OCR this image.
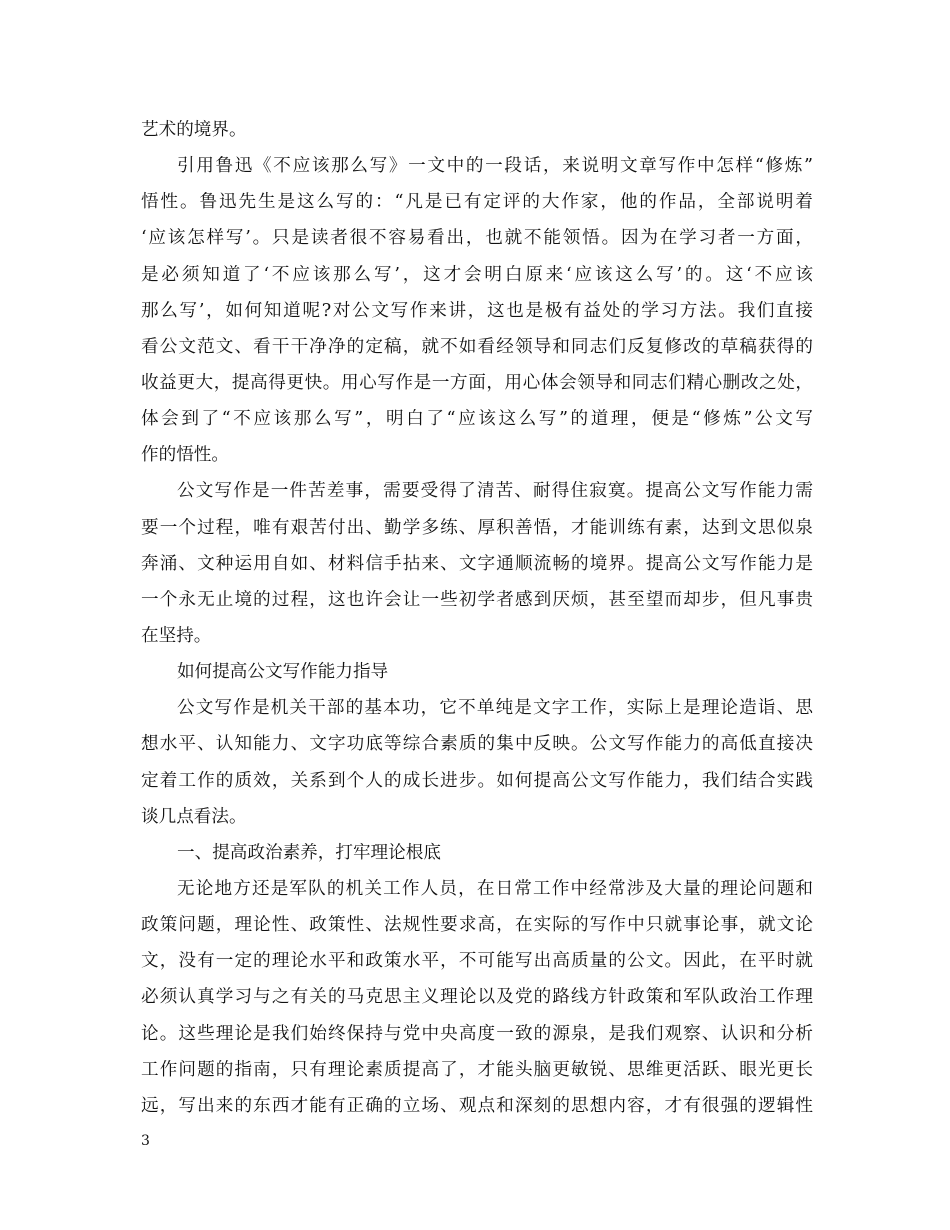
艺术的境界。
引用鲁迅《不应该那么写》一文中的一段话，来说明文章写作中怎样“修炼”
悟性。鲁迅先生是这么写的：“凡是已有定评的大作家，他的作品，全部说明着
‘应该怎样写’。只是读者很不容易看出，也就不能领悟。因为在学习者一方面，
是必须知道了‘不应该那么写’，这才会明白原来‘应该这么写’的。这‘不应该
那么写’，如何知道呢?对公文写作来讲，这也是极有益处的学习方法。我们直接
看公文范文、看干干净净的定稿，就不如看经领导和同志们反复修改的草稿获得的
收益更大，提高得更快。用心写作是一方面，用心体会领导和同志们精心删改之处，
体会到了“不应该那么写”，明白了“应该这么写”的道理，便是“修炼”公文写
作的悟性。
公文写作是一件苦差事，需要受得了清苦、耐得住寂寞。提高公文写作能力需
要一个过程，唯有艰苦付出、勤学多练、厚积善悟，才能训练有素，达到文思似泉
奔涌、文种运用自如、材料信手拈来、文字通顺流畅的境界。提高公文写作能力是
一个永无止境的过程，这也许会让一些初学者感到厌烦，甚至望而却步，但凡事贵
在坚持。
如何提高公文写作能力指导
公文写作是机关干部的基本功，它不单纯是文字工作，实际上是理论造诣、思
想水平、认知能力、文字功底等综合素质的集中反映。公文写作能力的高低直接决
定着工作的质效，关系到个人的成长进步。如何提高公文写作能力，我们结合实践
谈几点看法。
一、提高政治素养，打牢理论根底
无论地方还是军队的机关工作人员，在日常工作中经常涉及大量的理论问题和
政策问题，理论性、政策性、法规性要求高，在实际的写作中只就事论事，就文论
文，没有一定的理论水平和政策水平，不可能写出高质量的公文。因此，在平时就
必须认真学习与之有关的马克思主义理论以及党的路线方针政策和军队政治工作理
论。这些理论是我们始终保持与党中央高度一致的源泉，是我们观察、认识和分析
工作问题的指南，只有理论素质提高了，才能头脑更敏锐、思维更活跃、眼光更长
远，写出来的东西才能有正确的立场、观点和深刻的思想内容，才有很强的逻辑性
3
